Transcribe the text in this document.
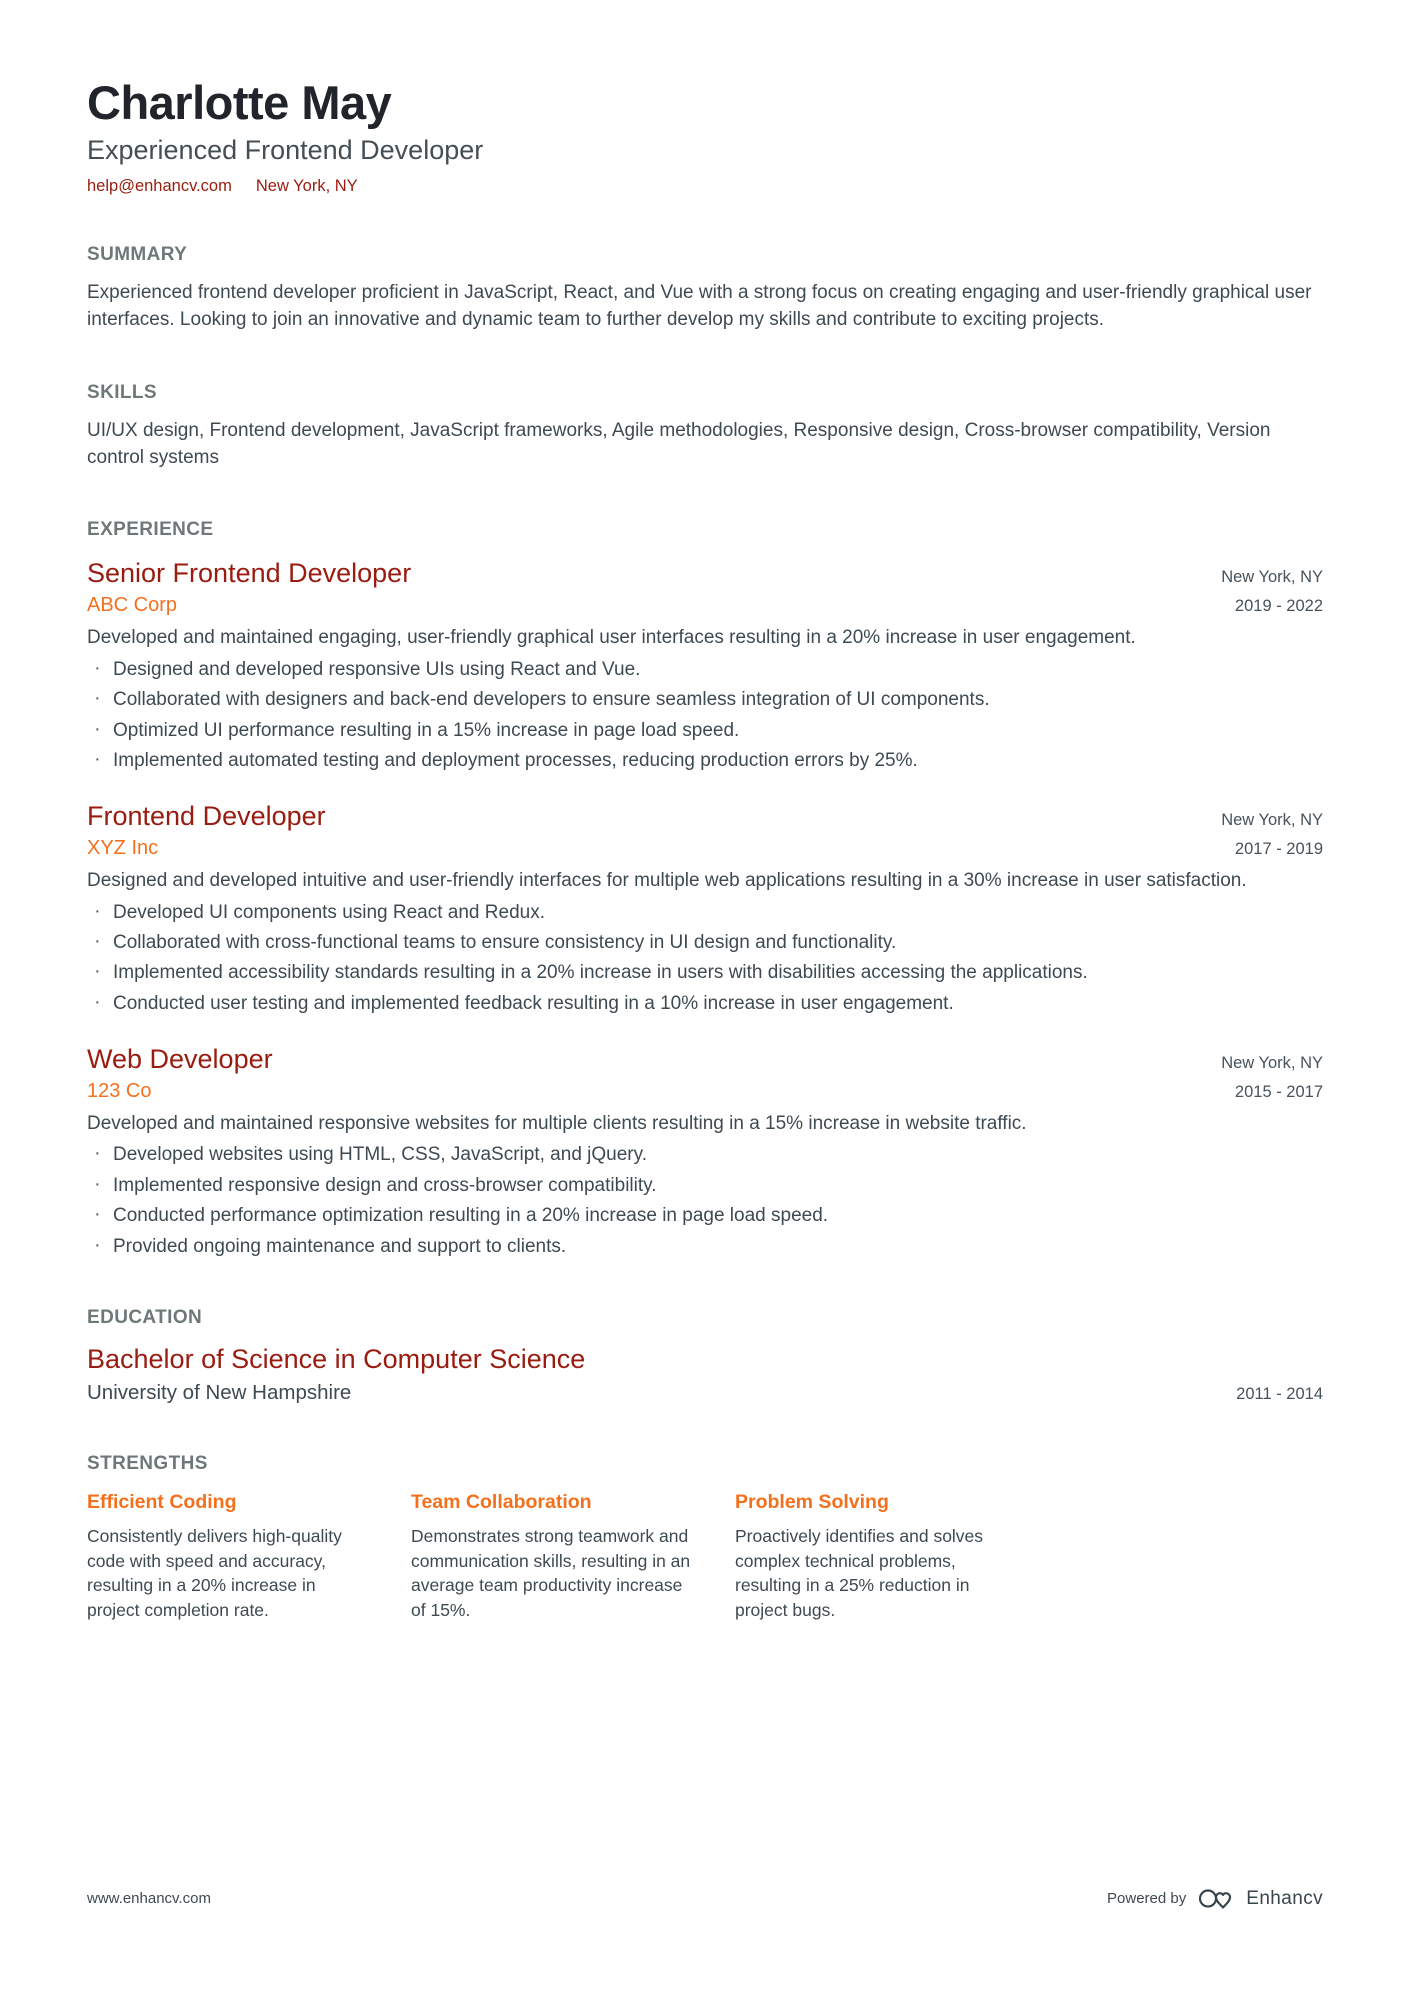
Charlotte May
Experienced Frontend Developer
help@enhancv.com New York, NY
SUMMARY

Experienced frontend developer proficient in JavaScript, React, and Vue with a strong focus on creating engaging and user-friendly graphical user interfaces. Looking to join an innovative and dynamic team to further develop my skills and contribute to exciting projects.

SKILLS

UI/UX design, Frontend development, JavaScript frameworks, Agile methodologies, Responsive design, Cross-browser compatibility, Version control systems

EXPERIENCE
Senior Frontend Developer	New York, NY
ABC Corp	2019 - 2022

Developed and maintained engaging, user-friendly graphical user interfaces resulting in a 20% increase in user engagement.

· Designed and developed responsive UIs using React and Vue.
· Collaborated with designers and back-end developers to ensure seamless integration of UI components.
· Optimized UI performance resulting in a 15% increase in page load speed.
· Implemented automated testing and deployment processes, reducing production errors by 25%.
Frontend Developer	New York, NY
XYZ Inc	2017 - 2019

Designed and developed intuitive and user-friendly interfaces for multiple web applications resulting in a 30% increase in user satisfaction.

· Developed UI components using React and Redux.
· Collaborated with cross-functional teams to ensure consistency in UI design and functionality.
· Implemented accessibility standards resulting in a 20% increase in users with disabilities accessing the applications.
· Conducted user testing and implemented feedback resulting in a 10% increase in user engagement.
Web Developer	New York, NY
123 Co	2015 - 2017

Developed and maintained responsive websites for multiple clients resulting in a 15% increase in website traffic.

· Developed websites using HTML, CSS, JavaScript, and jQuery.
· Implemented responsive design and cross-browser compatibility.
· Conducted performance optimization resulting in a 20% increase in page load speed.
· Provided ongoing maintenance and support to clients.
EDUCATION
Bachelor of Science in Computer Science
University of New Hampshire	2011 - 2014
STRENGTHS
Efficient Coding

Consistently delivers high-quality code with speed and accuracy, resulting in a 20% increase in project completion rate.

Team Collaboration

Demonstrates strong teamwork and communication skills, resulting in an average team productivity increase of 15%.

Problem Solving

Proactively identifies and solves complex technical problems, resulting in a 25% reduction in project bugs.

www.enhancv.com	Powered by	Enhancv
